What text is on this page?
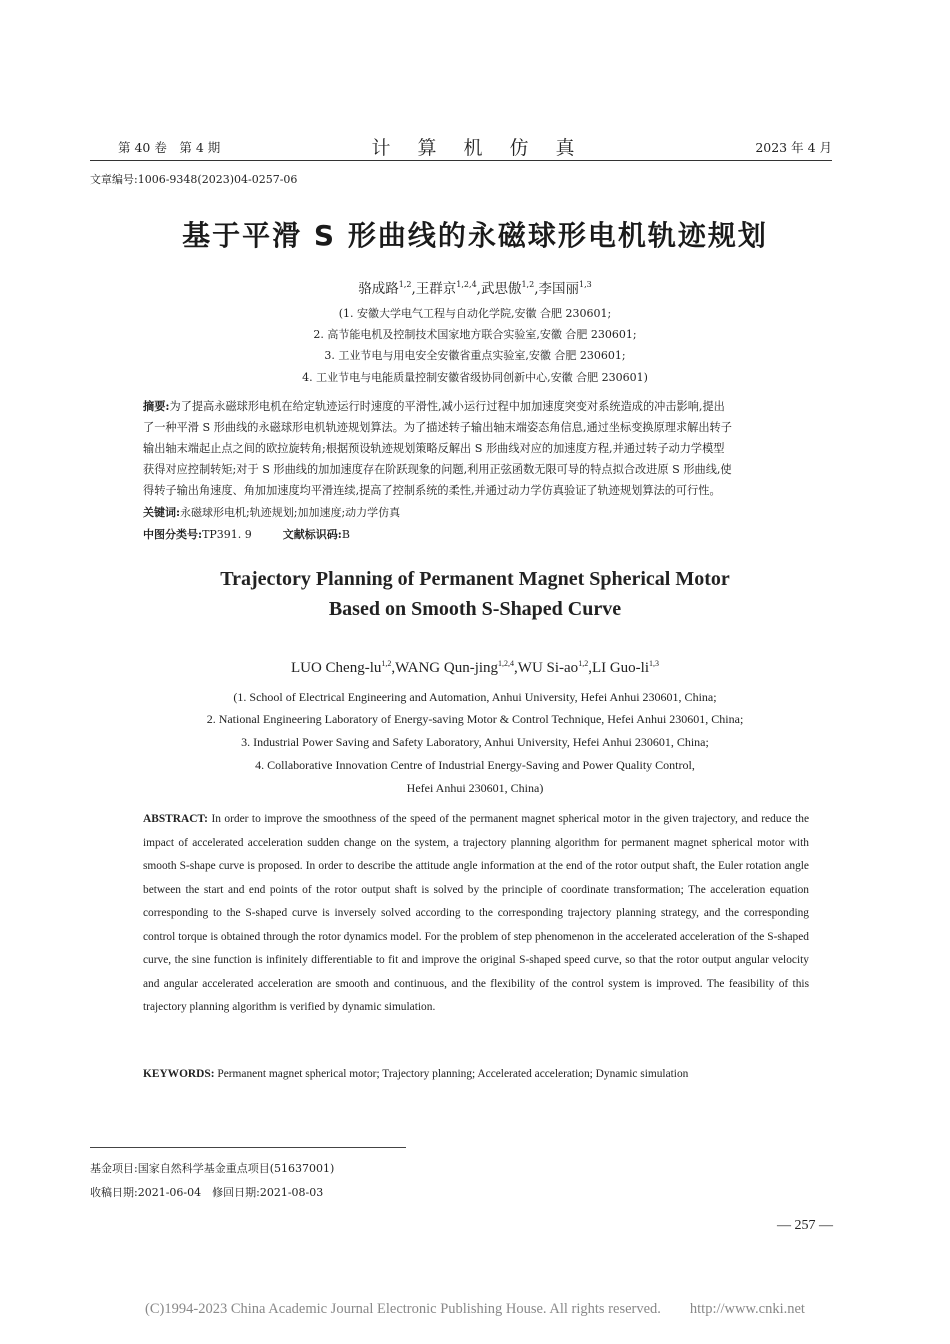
第 40 卷　第 4 期	计　算　机　仿　真	2023 年 4 月
文章编号:1006-9348(2023)04-0257-06
基于平滑 S 形曲线的永磁球形电机轨迹规划
骆成路$^{1,2}$,王群京$^{1,2,4}$,武思傲$^{1,2}$,李国丽$^{1,3}$
(1. 安徽大学电气工程与自动化学院,安徽 合肥 230601;
2. 高节能电机及控制技术国家地方联合实验室,安徽 合肥 230601;
3. 工业节电与用电安全安徽省重点实验室,安徽 合肥 230601;
4. 工业节电与电能质量控制安徽省级协同创新中心,安徽 合肥 230601)
摘要:为了提高永磁球形电机在给定轨迹运行时速度的平滑性,减小运行过程中加加速度突变对系统造成的冲击影响,提出
了一种平滑 S 形曲线的永磁球形电机轨迹规划算法。为了描述转子输出轴末端姿态角信息,通过坐标变换原理求解出转子
输出轴末端起止点之间的欧拉旋转角;根据预设轨迹规划策略反解出 S 形曲线对应的加速度方程,并通过转子动力学模型
获得对应控制转矩;对于 S 形曲线的加加速度存在阶跃现象的问题,利用正弦函数无限可导的特点拟合改进原 S 形曲线,使
得转子输出角速度、角加加速度均平滑连续,提高了控制系统的柔性,并通过动力学仿真验证了轨迹规划算法的可行性。
关键词:永磁球形电机;轨迹规划;加加速度;动力学仿真
中图分类号:TP391. 9	文献标识码:B
Trajectory Planning of Permanent Magnet Spherical Motor
Based on Smooth S-Shaped Curve
LUO Cheng-lu$^{1,2}$,WANG Qun-jing$^{1,2,4}$,WU Si-ao$^{1,2}$,LI Guo-li$^{1,3}$
(1. School of Electrical Engineering and Automation, Anhui University, Hefei Anhui 230601, China;
2. National Engineering Laboratory of Energy-saving Motor & Control Technique, Hefei Anhui 230601, China;
3. Industrial Power Saving and Safety Laboratory, Anhui University, Hefei Anhui 230601, China;
4. Collaborative Innovation Centre of Industrial Energy-Saving and Power Quality Control,
Hefei Anhui 230601, China)
ABSTRACT: In order to improve the smoothness of the speed of the permanent magnet spherical motor in the given trajectory, and reduce the impact of accelerated acceleration sudden change on the system, a trajectory planning algorithm for permanent magnet spherical motor with smooth S-shape curve is proposed. In order to describe the attitude angle information at the end of the rotor output shaft, the Euler rotation angle between the start and end points of the rotor output shaft is solved by the principle of coordinate transformation; The acceleration equation corresponding to the S-shaped curve is inversely solved according to the corresponding trajectory planning strategy, and the corresponding control torque is obtained through the rotor dynamics model. For the problem of step phenomenon in the accelerated acceleration of the S-shaped curve, the sine function is infinitely differentiable to fit and improve the original S-shaped speed curve, so that the rotor output angular velocity and angular accelerated acceleration are smooth and continuous, and the flexibility of the control system is improved. The feasibility of this trajectory planning algorithm is verified by dynamic simulation.
KEYWORDS: Permanent magnet spherical motor; Trajectory planning; Accelerated acceleration; Dynamic simulation
基金项目:国家自然科学基金重点项目(51637001)
收稿日期:2021-06-04　修回日期:2021-08-03
— 257 —
(C)1994-2023 China Academic Journal Electronic Publishing House. All rights reserved.　　http://www.cnki.net
